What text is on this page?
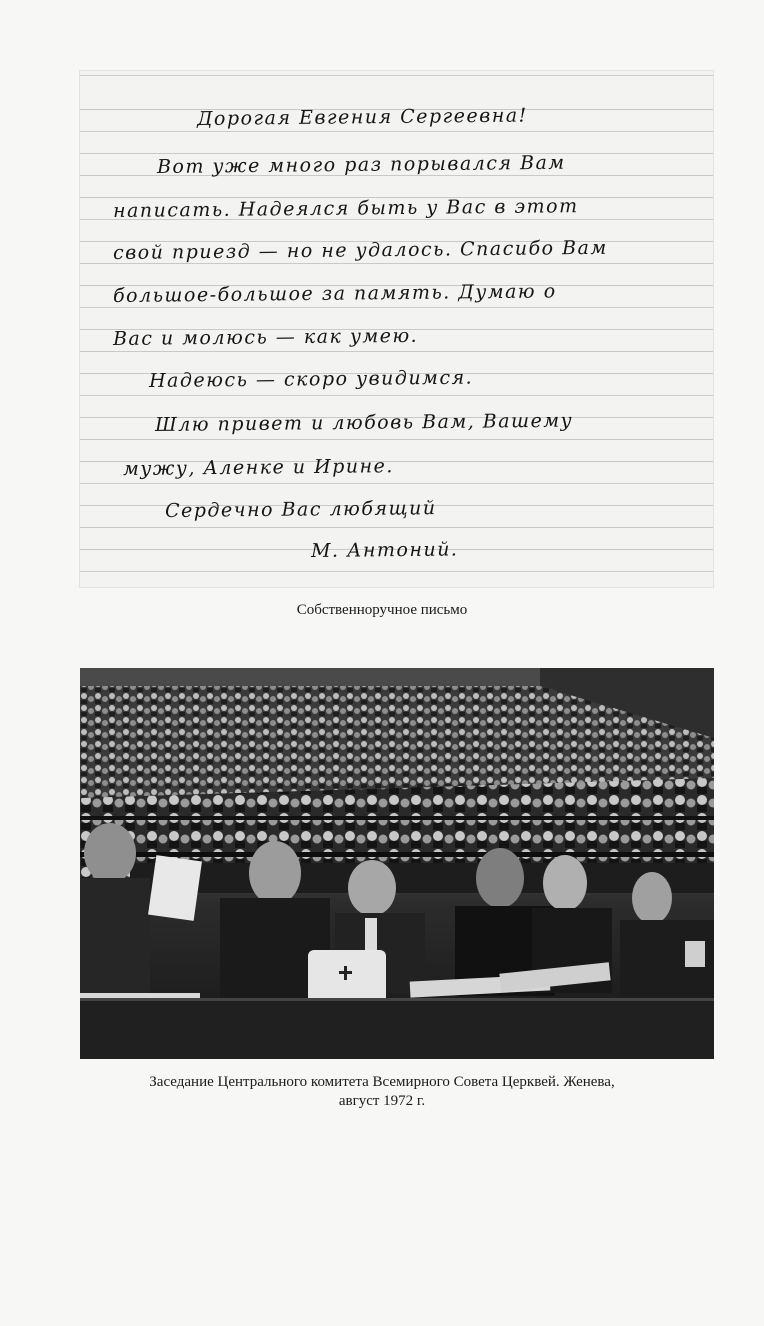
Дорогая Евгения Сергеевна!
Вот уже много раз порывался Вам
написать. Надеялся быть у Вас в этот
свой приезд — но не удалось. Спасибо Вам
большое-большое за память. Думаю о
Вас и молюсь — как умею.
Надеюсь — скоро увидимся.
Шлю привет и любовь Вам, Вашему
мужу, Аленке и Ирине.
Сердечно Вас любящий
М. Антоний.
Собственноручное письмо
Заседание Центрального комитета Всемирного Совета Церквей. Женева,
август 1972 г.
